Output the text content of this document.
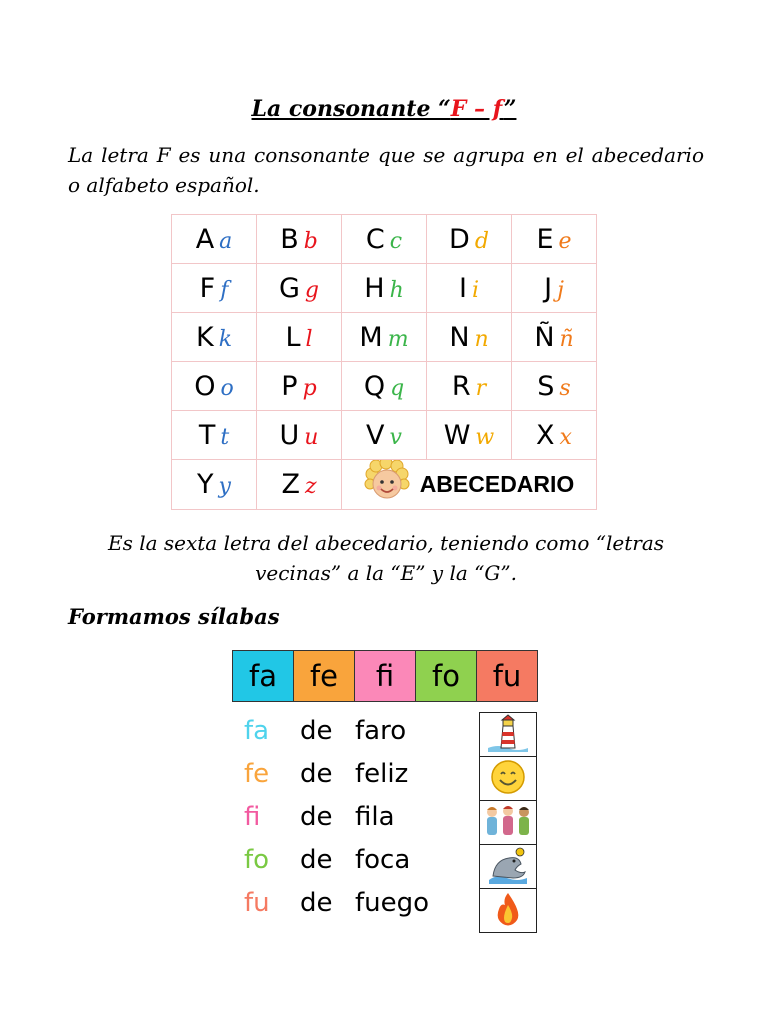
La consonante “F – f”
La letra F es una consonante que se agrupa en el abecedario o alfabeto español.
A a	B b	C c	D d	E e
F f	G g	H h	I i	J j
K k	L l	M m	N n	Ñ ñ
O o	P p	Q q	R r	S s
T t	U u	V v	W w	X x
Y y	Z z	ABECEDARIO		
Es la sexta letra del abecedario, teniendo como “letras vecinas” a la “E” y la “G”.
Formamos sílabas
fa	fe	fi	fo	fu
fa de faro
fe de feliz
fi de fila
fo de foca
fu de fuego
